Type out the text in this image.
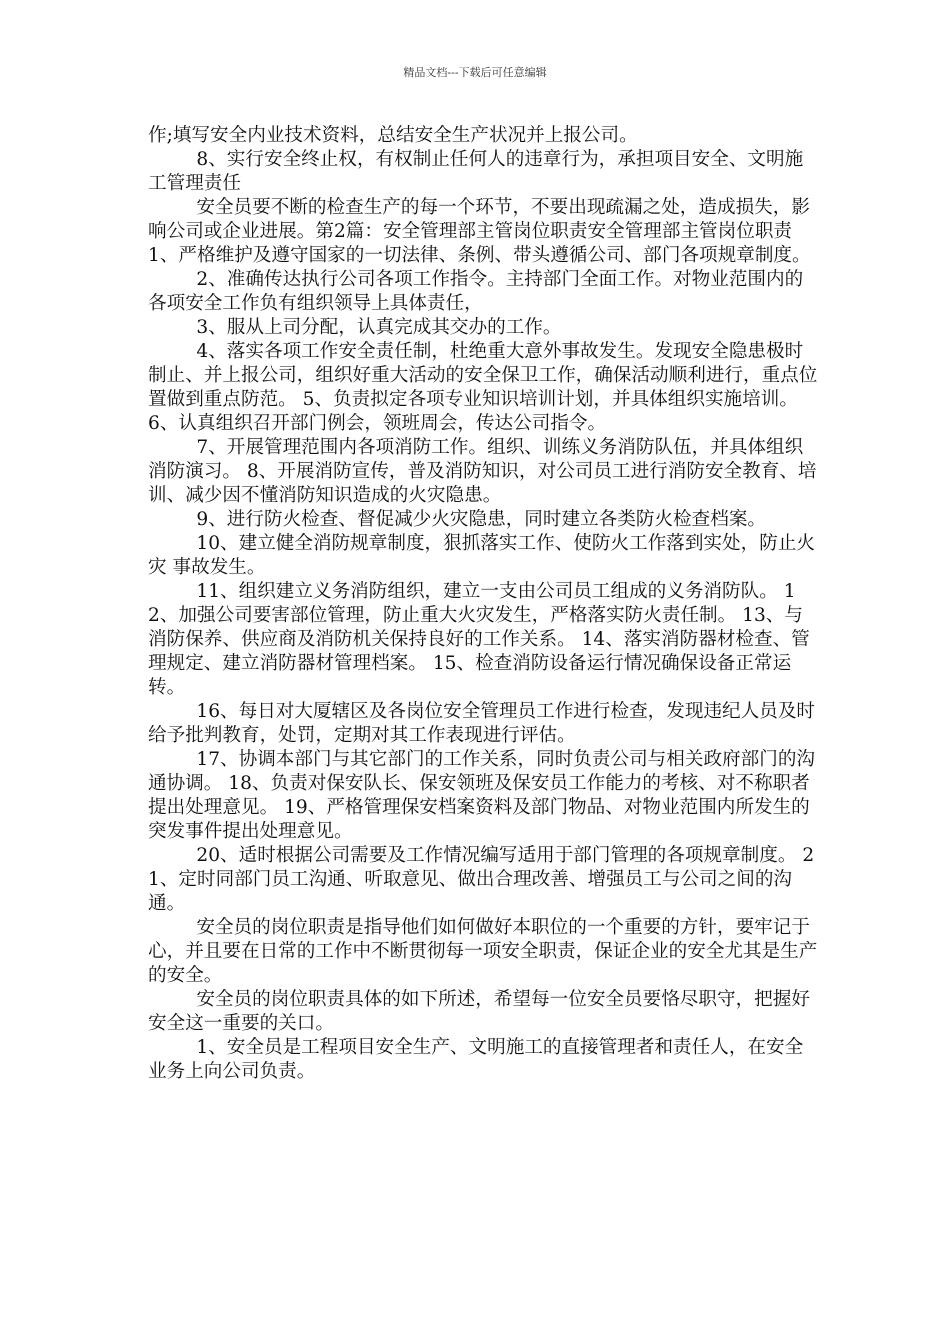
精品文档---下载后可任意编辑

作;填写安全内业技术资料，总结安全生产状况并上报公司。

8、实行安全终止权，有权制止任何人的违章行为，承担项目安全、文明施工管理责任

安全员要不断的检查生产的每一个环节，不要出现疏漏之处，造成损失，影响公司或企业进展。第2篇：安全管理部主管岗位职责安全管理部主管岗位职责1、严格维护及遵守国家的一切法律、条例、带头遵循公司、部门各项规章制度。

2、准确传达执行公司各项工作指令。主持部门全面工作。对物业范围内的各项安全工作负有组织领导上具体责任，

3、服从上司分配，认真完成其交办的工作。

4、落实各项工作安全责任制，杜绝重大意外事故发生。发现安全隐患极时制止、并上报公司，组织好重大活动的安全保卫工作，确保活动顺利进行，重点位置做到重点防范。 5、负责拟定各项专业知识培训计划，并具体组织实施培训。 6、认真组织召开部门例会，领班周会，传达公司指令。

7、开展管理范围内各项消防工作。组织、训练义务消防队伍，并具体组织消防演习。 8、开展消防宣传，普及消防知识，对公司员工进行消防安全教育、培训、减少因不懂消防知识造成的火灾隐患。

9、进行防火检查、督促减少火灾隐患，同时建立各类防火检查档案。

10、建立健全消防规章制度，狠抓落实工作、使防火工作落到实处，防止火灾 事故发生。

11、组织建立义务消防组织，建立一支由公司员工组成的义务消防队。 12、加强公司要害部位管理，防止重大火灾发生，严格落实防火责任制。 13、与消防保养、供应商及消防机关保持良好的工作关系。 14、落实消防器材检查、管理规定、建立消防器材管理档案。 15、检查消防设备运行情况确保设备正常运转。

16、每日对大厦辖区及各岗位安全管理员工作进行检查，发现违纪人员及时给予批判教育，处罚，定期对其工作表现进行评估。

17、协调本部门与其它部门的工作关系，同时负责公司与相关政府部门的沟通协调。 18、负责对保安队长、保安领班及保安员工作能力的考核、对不称职者提出处理意见。 19、严格管理保安档案资料及部门物品、对物业范围内所发生的突发事件提出处理意见。

20、适时根据公司需要及工作情况编写适用于部门管理的各项规章制度。 21、定时同部门员工沟通、听取意见、做出合理改善、增强员工与公司之间的沟通。

安全员的岗位职责是指导他们如何做好本职位的一个重要的方针，要牢记于心，并且要在日常的工作中不断贯彻每一项安全职责，保证企业的安全尤其是生产的安全。

安全员的岗位职责具体的如下所述，希望每一位安全员要恪尽职守，把握好安全这一重要的关口。

1、安全员是工程项目安全生产、文明施工的直接管理者和责任人，在安全业务上向公司负责。
